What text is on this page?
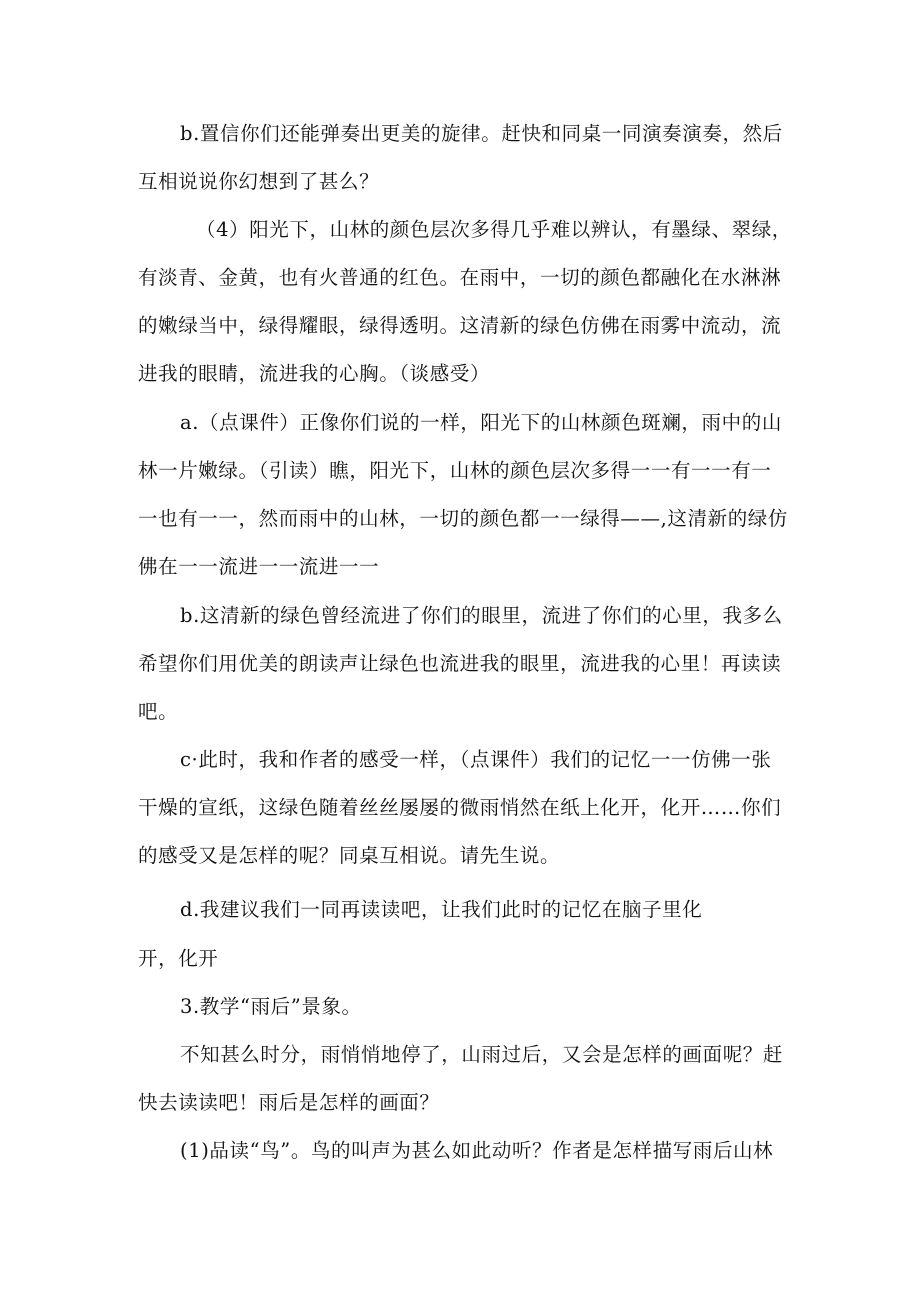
b.置信你们还能弹奏出更美的旋律。赶快和同桌一同演奏演奏，然后
互相说说你幻想到了甚么？
（4）阳光下，山林的颜色层次多得几乎难以辨认，有墨绿、翠绿，
有淡青、金黄，也有火普通的红色。在雨中，一切的颜色都融化在水淋淋
的嫩绿当中，绿得耀眼，绿得透明。这清新的绿色仿佛在雨雾中流动，流
进我的眼睛，流进我的心胸。（谈感受）
a.（点课件）正像你们说的一样，阳光下的山林颜色斑斓，雨中的山
林一片嫩绿。（引读）瞧，阳光下，山林的颜色层次多得一一有一一有一
一也有一一，然而雨中的山林，一切的颜色都一一绿得——,这清新的绿仿
佛在一一流进一一流进一一
b.这清新的绿色曾经流进了你们的眼里，流进了你们的心里，我多么
希望你们用优美的朗读声让绿色也流进我的眼里，流进我的心里！再读读
吧。
c·此时，我和作者的感受一样，（点课件）我们的记忆一一仿佛一张
干燥的宣纸，这绿色随着丝丝屡屡的微雨悄然在纸上化开，化开……你们
的感受又是怎样的呢？同桌互相说。请先生说。
d.我建议我们一同再读读吧，让我们此时的记忆在脑子里化
开，化开
3.教学“雨后”景象。
不知甚么时分，雨悄悄地停了，山雨过后，又会是怎样的画面呢？赶
快去读读吧！雨后是怎样的画面？
(1)品读“鸟”。鸟的叫声为甚么如此动听？作者是怎样描写雨后山林
